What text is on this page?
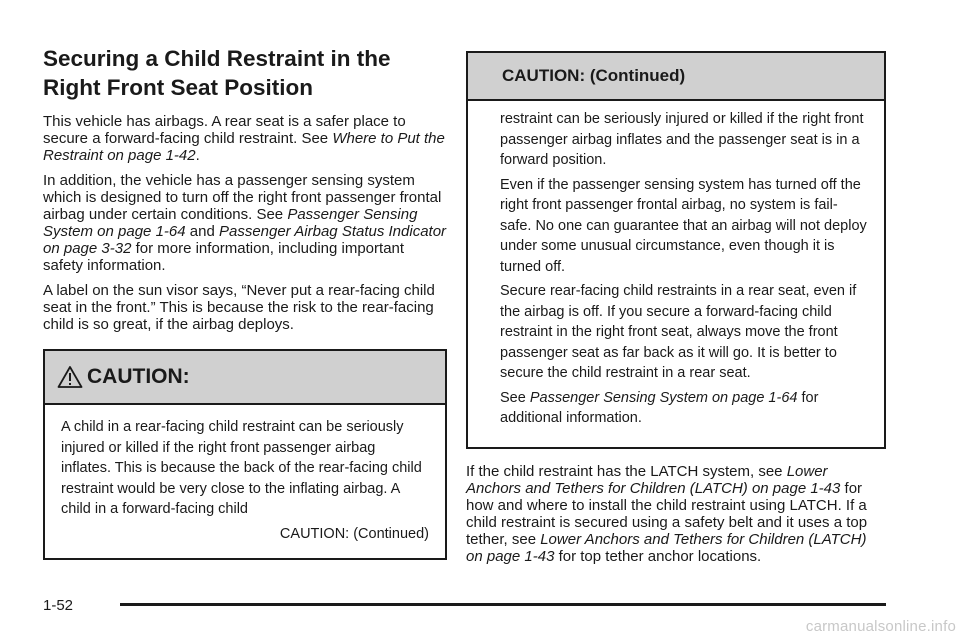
Securing a Child Restraint in the Right Front Seat Position

This vehicle has airbags. A rear seat is a safer place to secure a forward-facing child restraint. See Where to Put the Restraint on page 1-42.

In addition, the vehicle has a passenger sensing system which is designed to turn off the right front passenger frontal airbag under certain conditions. See Passenger Sensing System on page 1-64 and Passenger Airbag Status Indicator on page 3-32 for more information, including important safety information.

A label on the sun visor says, “Never put a rear-facing child seat in the front.” This is because the risk to the rear-facing child is so great, if the airbag deploys.

CAUTION:

A child in a rear-facing child restraint can be seriously injured or killed if the right front passenger airbag inflates. This is because the back of the rear-facing child restraint would be very close to the inflating airbag. A child in a forward-facing child

CAUTION: (Continued)

CAUTION: (Continued)

restraint can be seriously injured or killed if the right front passenger airbag inflates and the passenger seat is in a forward position.

Even if the passenger sensing system has turned off the right front passenger frontal airbag, no system is fail-safe. No one can guarantee that an airbag will not deploy under some unusual circumstance, even though it is turned off.

Secure rear-facing child restraints in a rear seat, even if the airbag is off. If you secure a forward-facing child restraint in the right front seat, always move the front passenger seat as far back as it will go. It is better to secure the child restraint in a rear seat.

See Passenger Sensing System on page 1-64 for additional information.

If the child restraint has the LATCH system, see Lower Anchors and Tethers for Children (LATCH) on page 1-43 for how and where to install the child restraint using LATCH. If a child restraint is secured using a safety belt and it uses a top tether, see Lower Anchors and Tethers for Children (LATCH) on page 1-43 for top tether anchor locations.

1-52
carmanualsonline.info
